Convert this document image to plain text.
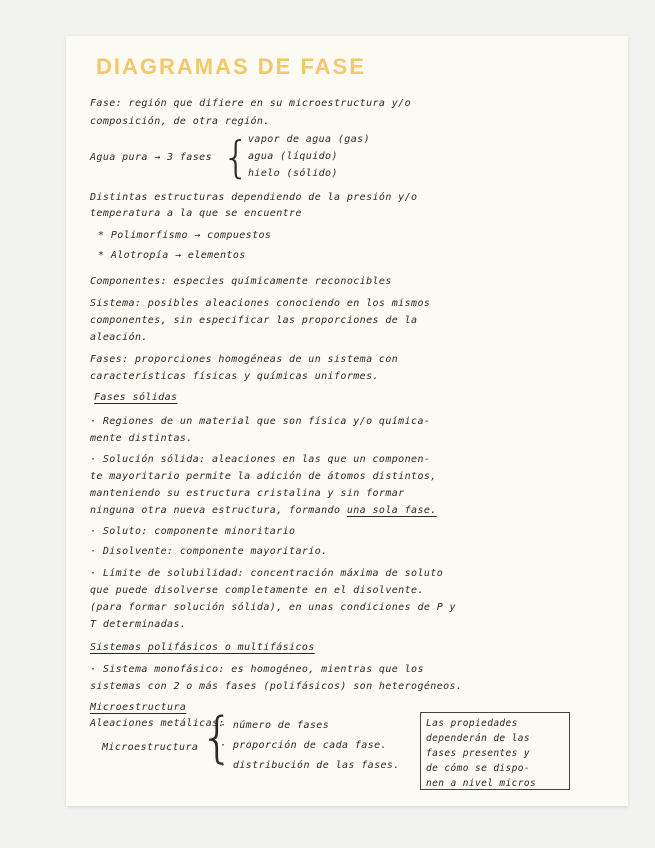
DIAGRAMAS DE FASE
Fase: región que difiere en su microestructura y/o
composición, de otra región.
Agua pura → 3 fases {
vapor de agua (gas)
agua (líquido)
hielo (sólido)
Distintas estructuras dependiendo de la presión y/o
temperatura a la que se encuentre
* Polimorfismo → compuestos
* Alotropía → elementos
Componentes: especies químicamente reconocibles
Sistema: posibles aleaciones conociendo en los mismos
componentes, sin especificar las proporciones de la
aleación.
Fases: proporciones homogéneas de un sistema con
características físicas y químicas uniformes.
Fases sólidas
· Regiones de un material que son física y/o química-
mente distintas.
· Solución sólida: aleaciones en las que un componen-
te mayoritario permite la adición de átomos distintos,
manteniendo su estructura cristalina y sin formar
ninguna otra nueva estructura, formando una sola fase.
· Soluto: componente minoritario
· Disolvente: componente mayoritario.
· Límite de solubilidad: concentración máxima de soluto
que puede disolverse completamente en el disolvente.
(para formar solución sólida), en unas condiciones de P y
T determinadas.
Sistemas polifásicos o multifásicos
· Sistema monofásico: es homogéneo, mientras que los
sistemas con 2 o más fases (polifásicos) son heterogéneos.
Microestructura
Aleaciones metálicas:
Microestructura {
· número de fases
· proporción de cada fase.
· distribución de las fases.
Las propiedades
dependerán de las
fases presentes y
de cómo se dispo-
nen a nivel micros
